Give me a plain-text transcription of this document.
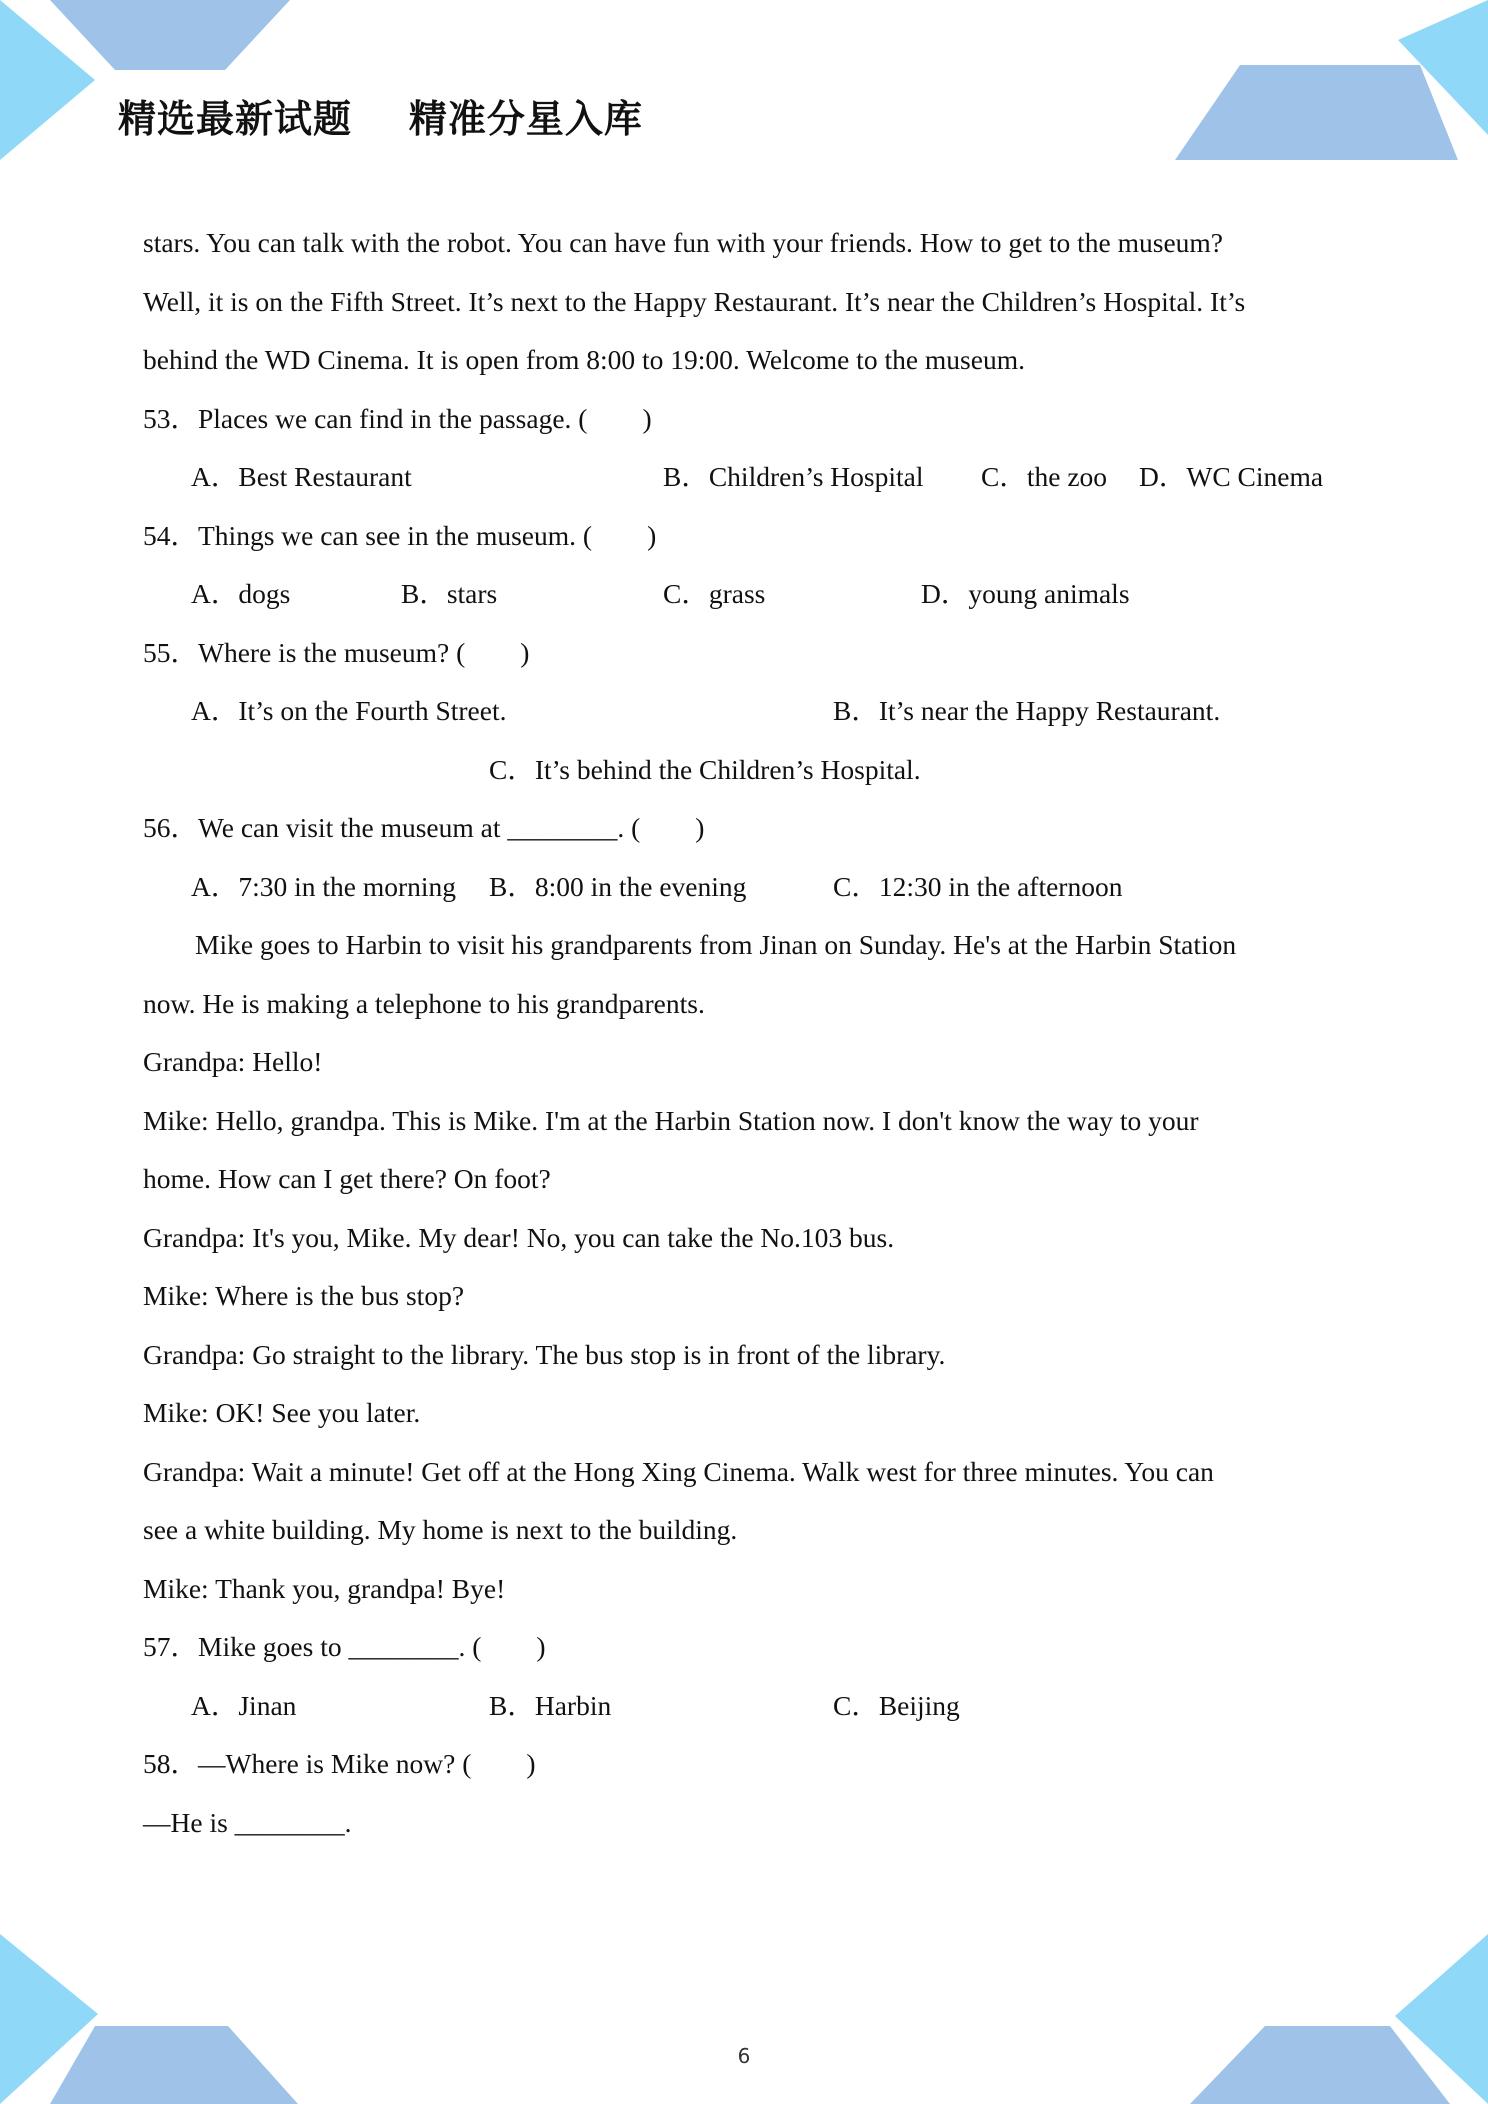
精选最新试题    精准分星入库
stars. You can talk with the robot. You can have fun with your friends. How to get to the museum?
Well, it is on the Fifth Street. It’s next to the Happy Restaurant. It’s near the Children’s Hospital. It’s
behind the WD Cinema. It is open from 8:00 to 19:00. Welcome to the museum.
53．Places we can find in the passage. (　　)
A．Best Restaurant	B．Children’s Hospital C．the zoo D．WC Cinema
54．Things we can see in the museum. (　　)
A．dogs	B．stars	C．grass	D．young animals
55．Where is the museum? (　　)
A．It’s on the Fourth Street.	B．It’s near the Happy Restaurant.
C．It’s behind the Children’s Hospital.
56．We can visit the museum at ________. (　　)
A．7:30 in the morning B．8:00 in the evening	C．12:30 in the afternoon
Mike goes to Harbin to visit his grandparents from Jinan on Sunday. He's at the Harbin Station
now. He is making a telephone to his grandparents.
Grandpa: Hello!
Mike: Hello, grandpa. This is Mike. I'm at the Harbin Station now. I don't know the way to your
home. How can I get there? On foot?
Grandpa: It's you, Mike. My dear! No, you can take the No.103 bus.
Mike: Where is the bus stop?
Grandpa: Go straight to the library. The bus stop is in front of the library.
Mike: OK! See you later.
Grandpa: Wait a minute! Get off at the Hong Xing Cinema. Walk west for three minutes. You can
see a white building. My home is next to the building.
Mike: Thank you, grandpa! Bye!
57．Mike goes to ________. (　　)
A．Jinan	B．Harbin	C．Beijing
58．—Where is Mike now? (　　)
—He is ________.
6
